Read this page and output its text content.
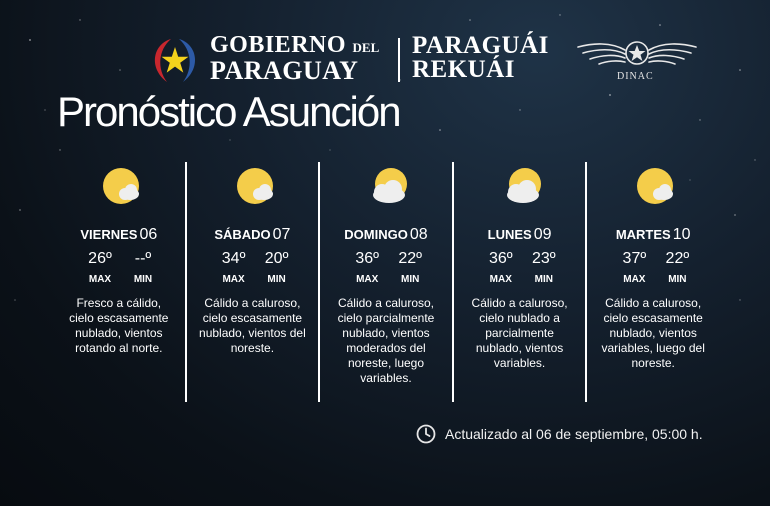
GOBIERNO DEL
PARAGUAY
PARAGUÁI
REKUÁI	DINAC
Pronóstico Asunción
VIERNES 06
26º
MAX
--º
MIN
Fresco a cálido, cielo escasamente nublado, vientos rotando al norte.
SÁBADO 07
34º
MAX
20º
MIN
Cálido a caluroso, cielo escasamente nublado, vientos del noreste.
DOMINGO 08
36º
MAX
22º
MIN
Cálido a caluroso, cielo parcialmente nublado, vientos moderados del noreste, luego variables.
LUNES 09
36º
MAX
23º
MIN
Cálido a caluroso, cielo nublado a parcialmente nublado, vientos variables.
MARTES 10
37º
MAX
22º
MIN
Cálido a caluroso, cielo escasamente nublado, vientos variables, luego del noreste.
Actualizado al 06 de septiembre, 05:00 h.
